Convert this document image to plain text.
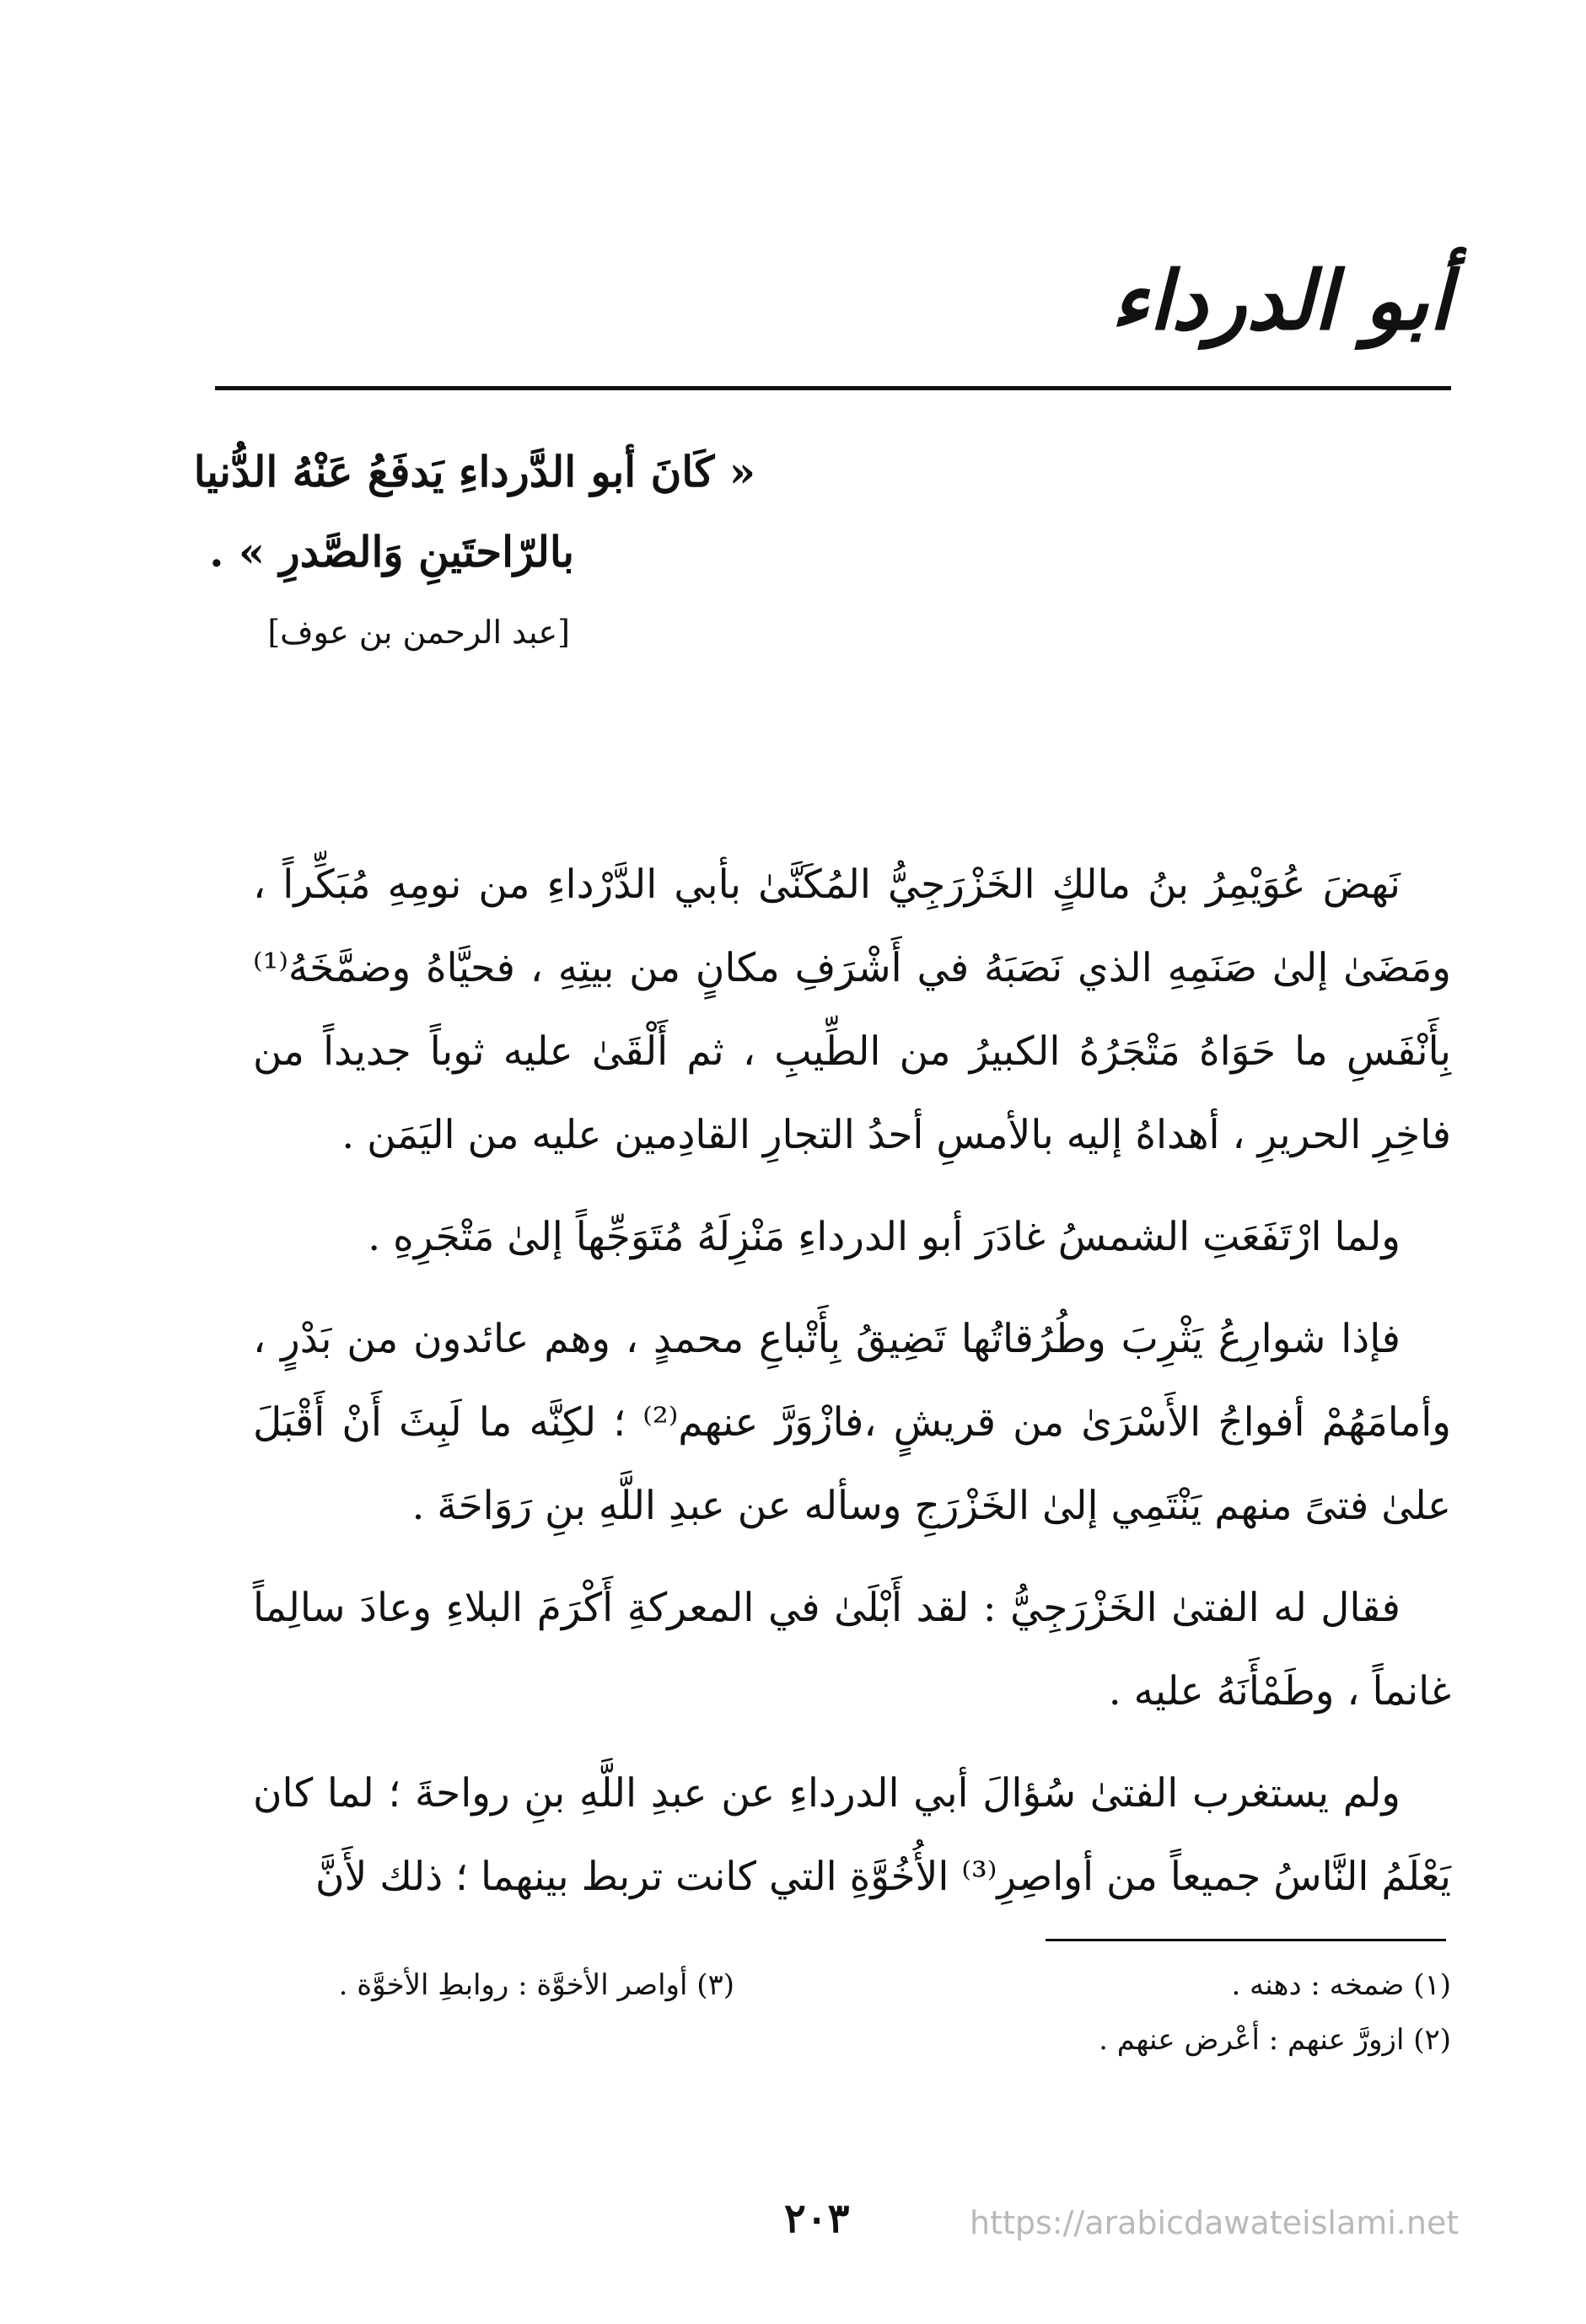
أبو الدرداء
« كَانَ أبو الدَّرداءِ يَدفَعُ عَنْهُ الدُّنيا
بالرّاحتَينِ وَالصَّدرِ » .
[عبد الرحمن بن عوف]

نَهضَ عُوَيْمِرُ بنُ مالكٍ الخَزْرَجِيُّ المُكَنَّىٰ بأبي الدَّرْداءِ من نومِهِ مُبَكِّراً ، ومَضَىٰ إلىٰ صَنَمِهِ الذي نَصَبَهُ في أَشْرَفِ مكانٍ من بيتِهِ ، فحيَّاهُ وضمَّخَهُ⁽¹⁾ بِأَنْفَسِ ما حَوَاهُ مَتْجَرُهُ الكبيرُ من الطِّيبِ ، ثم أَلْقَىٰ عليه ثوباً جديداً من فاخِرِ الحريرِ ، أهداهُ إليه بالأمسِ أحدُ التجارِ القادِمين عليه من اليَمَن .

ولما ارْتَفَعَتِ الشمسُ غادَرَ أبو الدرداءِ مَنْزِلَهُ مُتَوَجِّهاً إلىٰ مَتْجَرِهِ .

فإذا شوارِعُ يَثْرِبَ وطُرُقاتُها تَضِيقُ بِأَتْباعِ محمدٍ ، وهم عائدون من بَدْرٍ ، وأمامَهُمْ أفواجُ الأَسْرَىٰ من قريشٍ ،فازْوَرَّ عنهم⁽²⁾ ؛ لكِنَّه ما لَبِثَ أَنْ أَقْبَلَ علىٰ فتىً منهم يَنْتَمِي إلىٰ الخَزْرَجِ وسأله عن عبدِ اللَّهِ بنِ رَوَاحَةَ .

فقال له الفتىٰ الخَزْرَجِيُّ : لقد أَبْلَىٰ في المعركةِ أَكْرَمَ البلاءِ وعادَ سالِماً غانماً ، وطَمْأَنَهُ عليه .

ولم يستغرب الفتىٰ سُؤالَ أبي الدرداءِ عن عبدِ اللَّهِ بنِ رواحةَ ؛ لما كان يَعْلَمُ النَّاسُ جميعاً من أواصِرِ⁽³⁾ الأُخُوَّةِ التي كانت تربط بينهما ؛ ذلك لأَنَّ

(١) ضمخه : دهنه .
(٢) ازورَّ عنهم : أعْرض عنهم .
(٣) أواصر الأخوَّة : روابطِ الأخوَّة .
٢٠٣	https://arabicdawateislami.net
